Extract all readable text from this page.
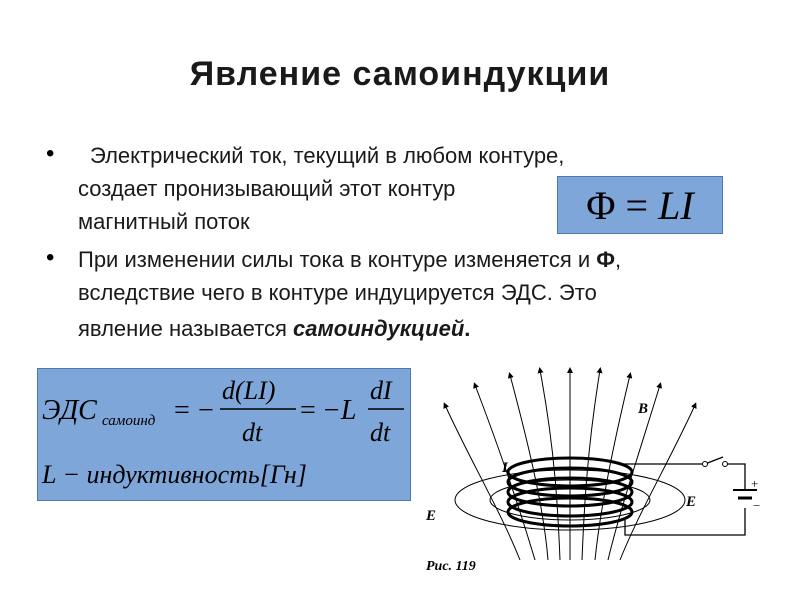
Явление самоиндукции
• Электрический ток, текущий в любом контуре,
создает пронизывающий этот контур
магнитный поток	Φ = LI
• При изменении силы тока в контуре изменяется и Ф,
вследствие чего в контуре индуцируется ЭДС. Это
явление называется самоиндукцией.
ЭДС самоинд = −
d(LI)
dt
= −L
dI
dt
L − индуктивность[Гн]	I
B
E
E
+
−
Рис. 119
